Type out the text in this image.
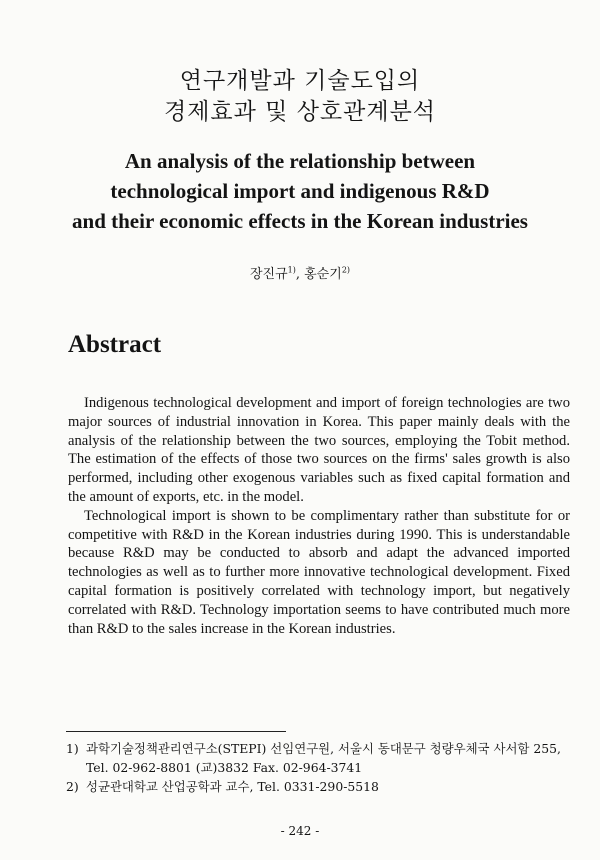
연구개발과 기술도입의
경제효과 및 상호관계분석
An analysis of the relationship between
technological import and indigenous R&D
and their economic effects in the Korean industries
장진규$^{1)}$, 홍순기$^{2)}$
Abstract

Indigenous technological development and import of foreign technologies are two major sources of industrial innovation in Korea. This paper mainly deals with the analysis of the relationship between the two sources, employing the Tobit method. The estimation of the effects of those two sources on the firms' sales growth is also performed, including other exogenous variables such as fixed capital formation and the amount of exports, etc. in the model.

Technological import is shown to be complimentary rather than substitute for or competitive with R&D in the Korean industries during 1990. This is understandable because R&D may be conducted to absorb and adapt the advanced imported technologies as well as to further more innovative technological development. Fixed capital formation is positively correlated with technology import, but negatively correlated with R&D. Technology importation seems to have contributed much more than R&D to the sales increase in the Korean industries.

1) 과학기술정책관리연구소(STEPI) 선임연구원, 서울시 동대문구 청량우체국 사서함 255, Tel. 02-962-8801 (교)3832 Fax. 02-964-3741
2) 성균관대학교 산업공학과 교수, Tel. 0331-290-5518
- 242 -
